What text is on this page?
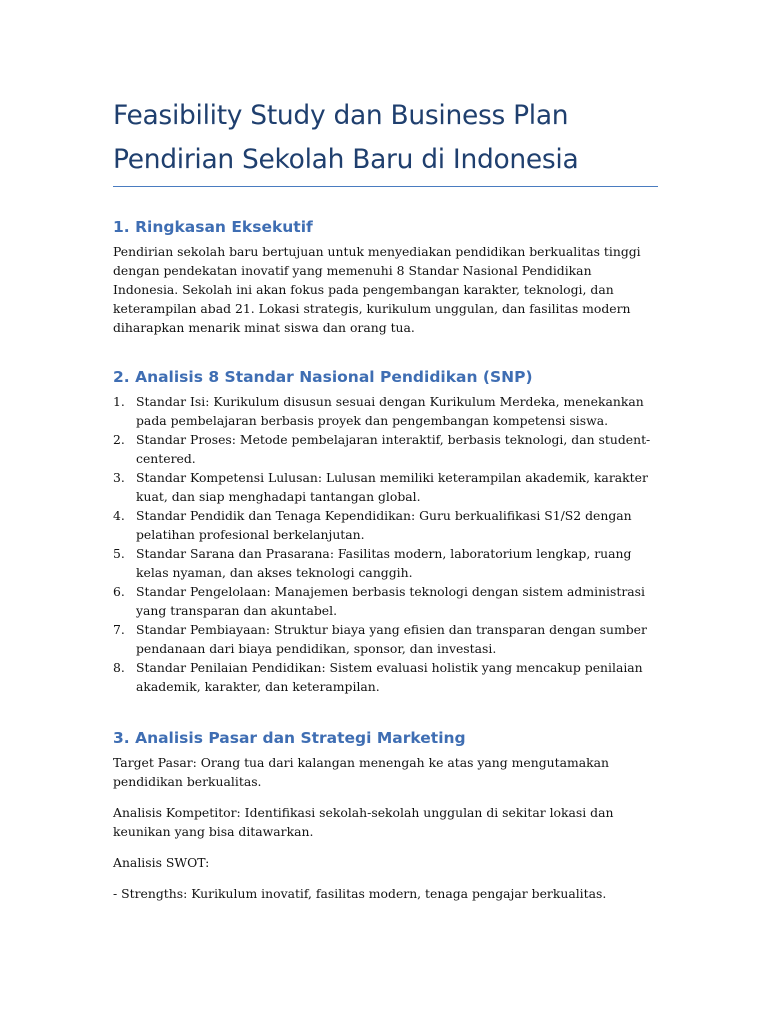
Feasibility Study dan Business Plan
Pendirian Sekolah Baru di Indonesia
1. Ringkasan Eksekutif

Pendirian sekolah baru bertujuan untuk menyediakan pendidikan berkualitas tinggi dengan pendekatan inovatif yang memenuhi 8 Standar Nasional Pendidikan Indonesia. Sekolah ini akan fokus pada pengembangan karakter, teknologi, dan keterampilan abad 21. Lokasi strategis, kurikulum unggulan, dan fasilitas modern diharapkan menarik minat siswa dan orang tua.

2. Analisis 8 Standar Nasional Pendidikan (SNP)
1. Standar Isi: Kurikulum disusun sesuai dengan Kurikulum Merdeka, menekankan pada pembelajaran berbasis proyek dan pengembangan kompetensi siswa.
2. Standar Proses: Metode pembelajaran interaktif, berbasis teknologi, dan student-centered.
3. Standar Kompetensi Lulusan: Lulusan memiliki keterampilan akademik, karakter kuat, dan siap menghadapi tantangan global.
4. Standar Pendidik dan Tenaga Kependidikan: Guru berkualifikasi S1/S2 dengan pelatihan profesional berkelanjutan.
5. Standar Sarana dan Prasarana: Fasilitas modern, laboratorium lengkap, ruang kelas nyaman, dan akses teknologi canggih.
6. Standar Pengelolaan: Manajemen berbasis teknologi dengan sistem administrasi yang transparan dan akuntabel.
7. Standar Pembiayaan: Struktur biaya yang efisien dan transparan dengan sumber pendanaan dari biaya pendidikan, sponsor, dan investasi.
8. Standar Penilaian Pendidikan: Sistem evaluasi holistik yang mencakup penilaian akademik, karakter, dan keterampilan.
3. Analisis Pasar dan Strategi Marketing

Target Pasar: Orang tua dari kalangan menengah ke atas yang mengutamakan pendidikan berkualitas.

Analisis Kompetitor: Identifikasi sekolah-sekolah unggulan di sekitar lokasi dan keunikan yang bisa ditawarkan.

Analisis SWOT:

- Strengths: Kurikulum inovatif, fasilitas modern, tenaga pengajar berkualitas.
